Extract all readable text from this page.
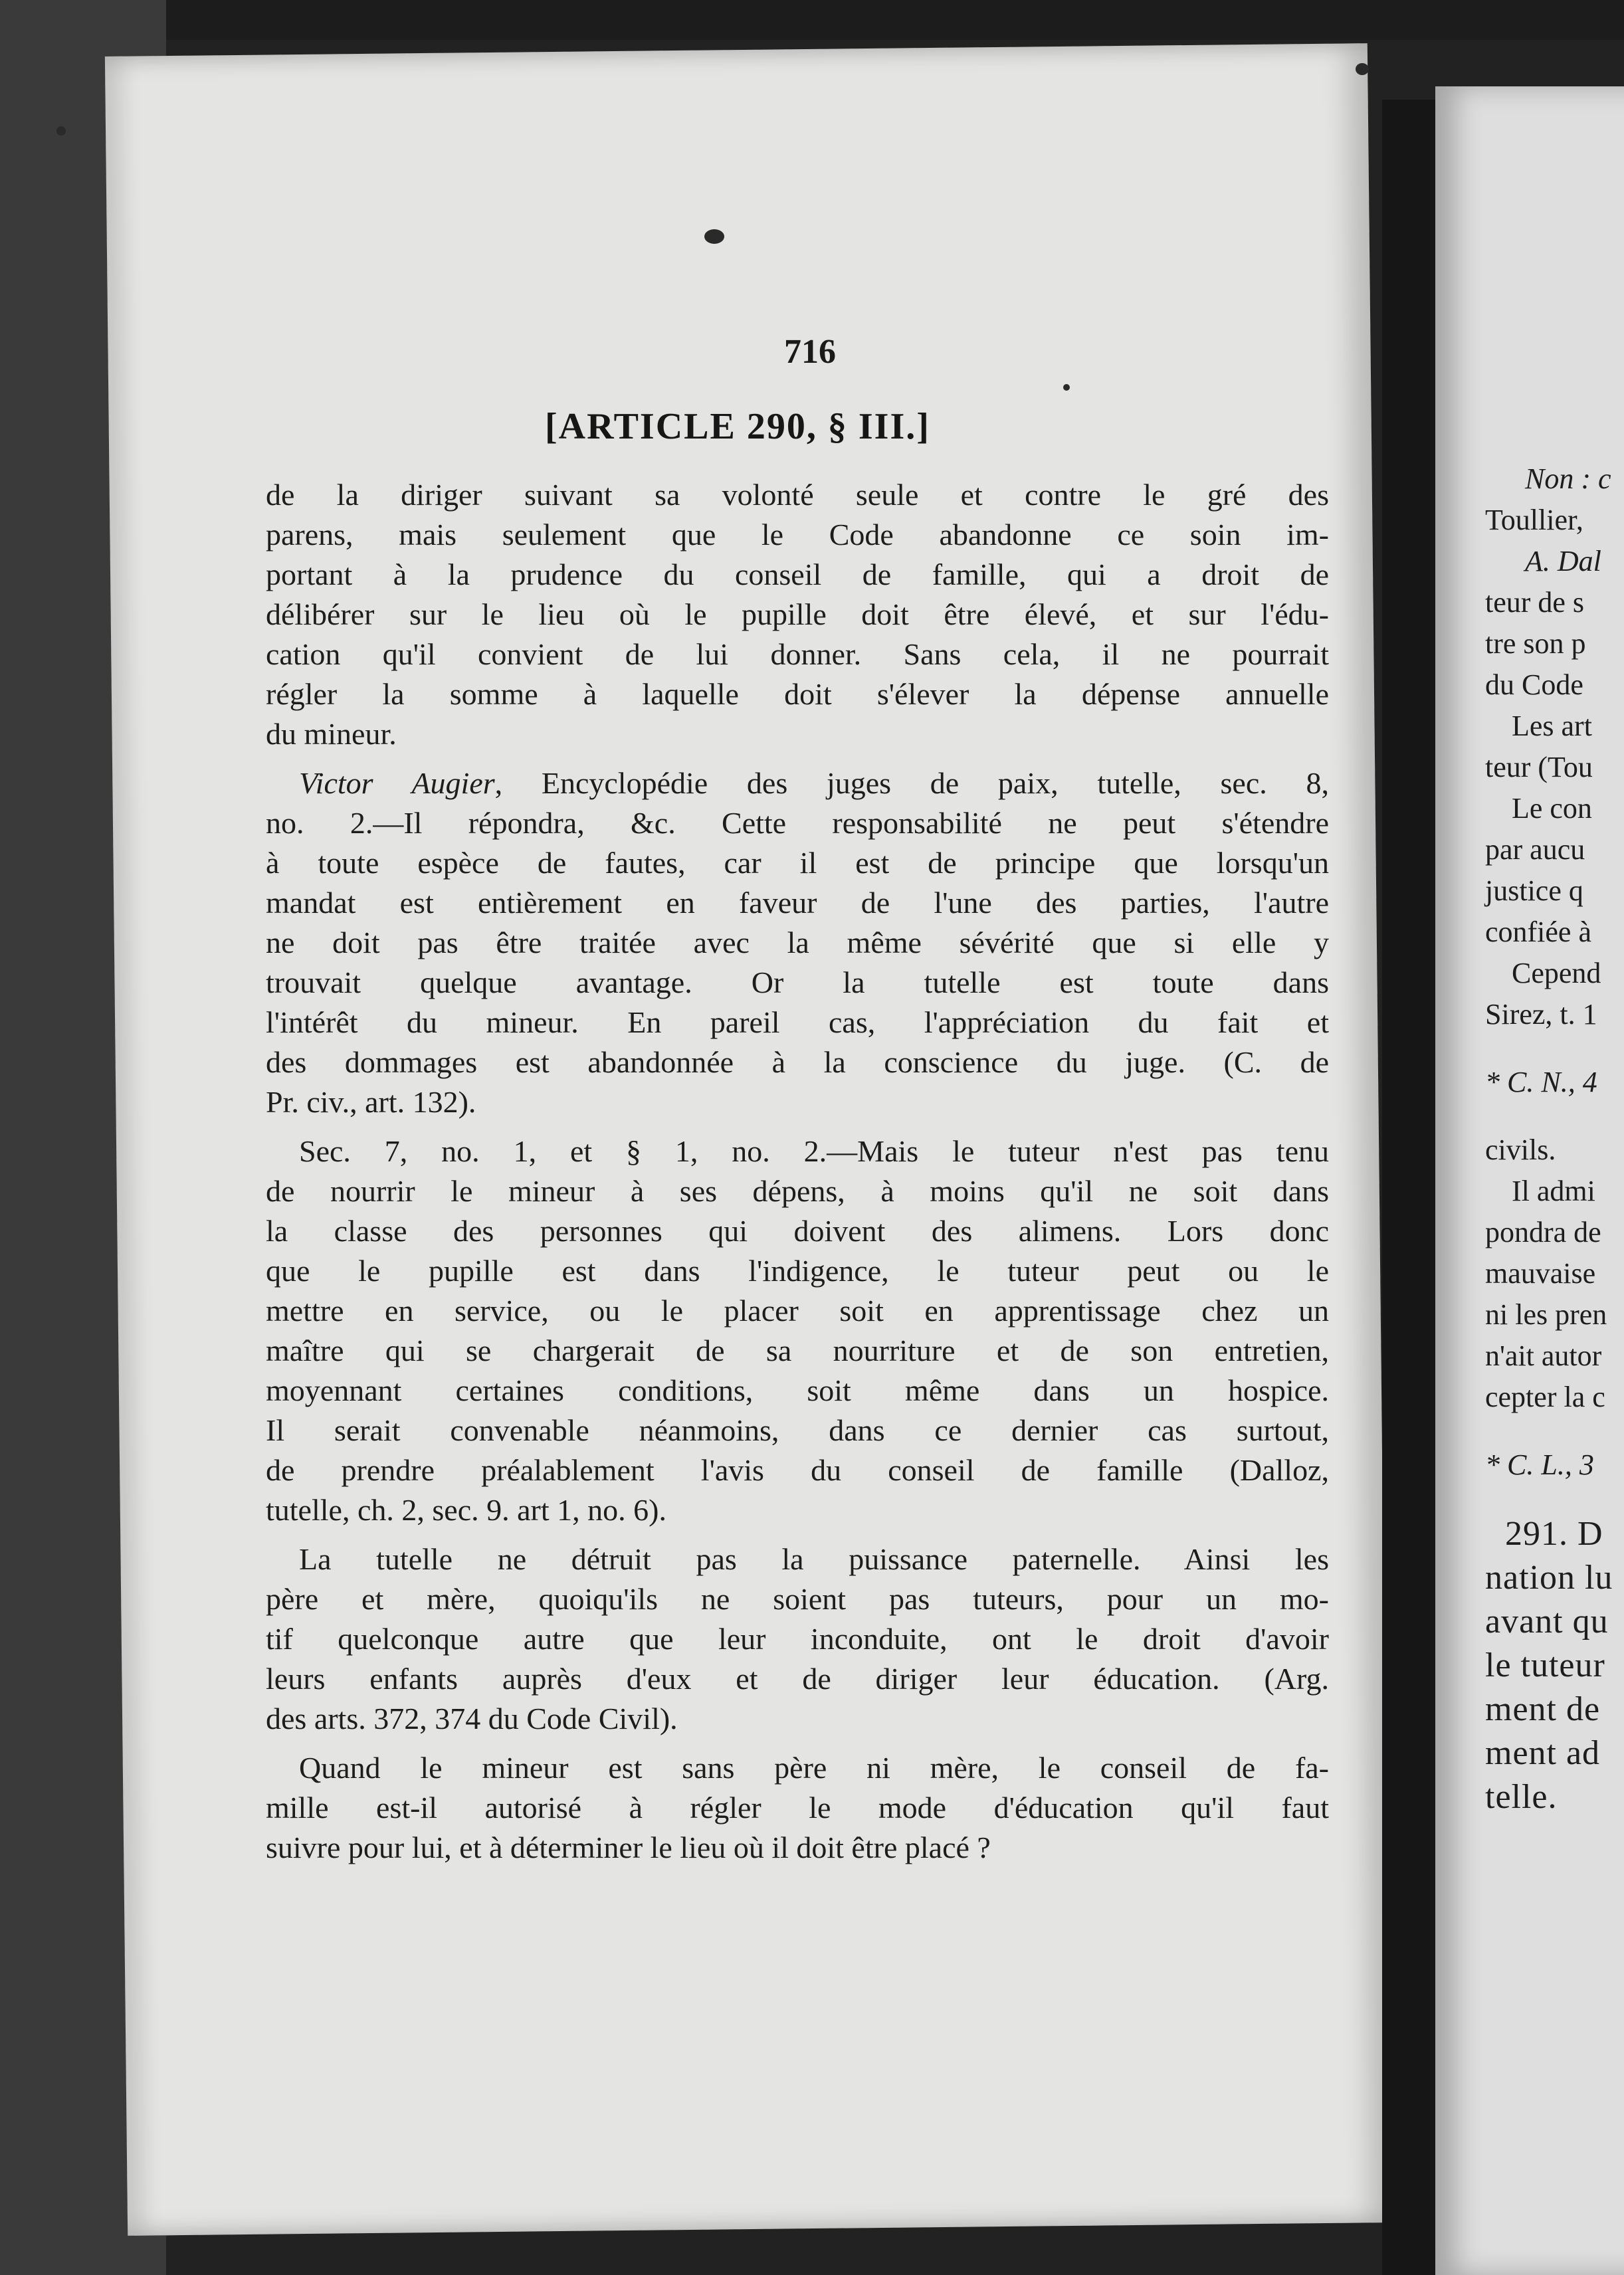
716
[ARTICLE 290, § III.]
de la diriger suivant sa volonté seule et contre le gré des
parens, mais seulement que le Code abandonne ce soin im-
portant à la prudence du conseil de famille, qui a droit de
délibérer sur le lieu où le pupille doit être élevé, et sur l'édu-
cation qu'il convient de lui donner. Sans cela, il ne pourrait
régler la somme à laquelle doit s'élever la dépense annuelle
du mineur.
Victor Augier, Encyclopédie des juges de paix, tutelle, sec. 8,
no. 2.—Il répondra, &c. Cette responsabilité ne peut s'étendre
à toute espèce de fautes, car il est de principe que lorsqu'un
mandat est entièrement en faveur de l'une des parties, l'autre
ne doit pas être traitée avec la même sévérité que si elle y
trouvait quelque avantage. Or la tutelle est toute dans
l'intérêt du mineur. En pareil cas, l'appréciation du fait et
des dommages est abandonnée à la conscience du juge. (C. de
Pr. civ., art. 132).
Sec. 7, no. 1, et § 1, no. 2.—Mais le tuteur n'est pas tenu
de nourrir le mineur à ses dépens, à moins qu'il ne soit dans
la classe des personnes qui doivent des alimens. Lors donc
que le pupille est dans l'indigence, le tuteur peut ou le
mettre en service, ou le placer soit en apprentissage chez un
maître qui se chargerait de sa nourriture et de son entretien,
moyennant certaines conditions, soit même dans un hospice.
Il serait convenable néanmoins, dans ce dernier cas surtout,
de prendre préalablement l'avis du conseil de famille (Dalloz,
tutelle, ch. 2, sec. 9. art 1, no. 6).
La tutelle ne détruit pas la puissance paternelle. Ainsi les
père et mère, quoiqu'ils ne soient pas tuteurs, pour un mo-
tif quelconque autre que leur inconduite, ont le droit d'avoir
leurs enfants auprès d'eux et de diriger leur éducation. (Arg.
des arts. 372, 374 du Code Civil).
Quand le mineur est sans père ni mère, le conseil de fa-
mille est-il autorisé à régler le mode d'éducation qu'il faut
suivre pour lui, et à déterminer le lieu où il doit être placé ?
Non : c
Toullier,
A. Dal
teur de s
tre son p
du Code
Les art
teur (Tou
Le con
par aucu
justice q
confiée à
Cepend
Sirez, t. 1
* C. N., 4
civils.
Il admi
pondra de
mauvaise
ni les pren
n'ait autor
cepter la c
* C. L., 3
291. D
nation lu
avant qu
le tuteur
ment de
ment ad
telle.
